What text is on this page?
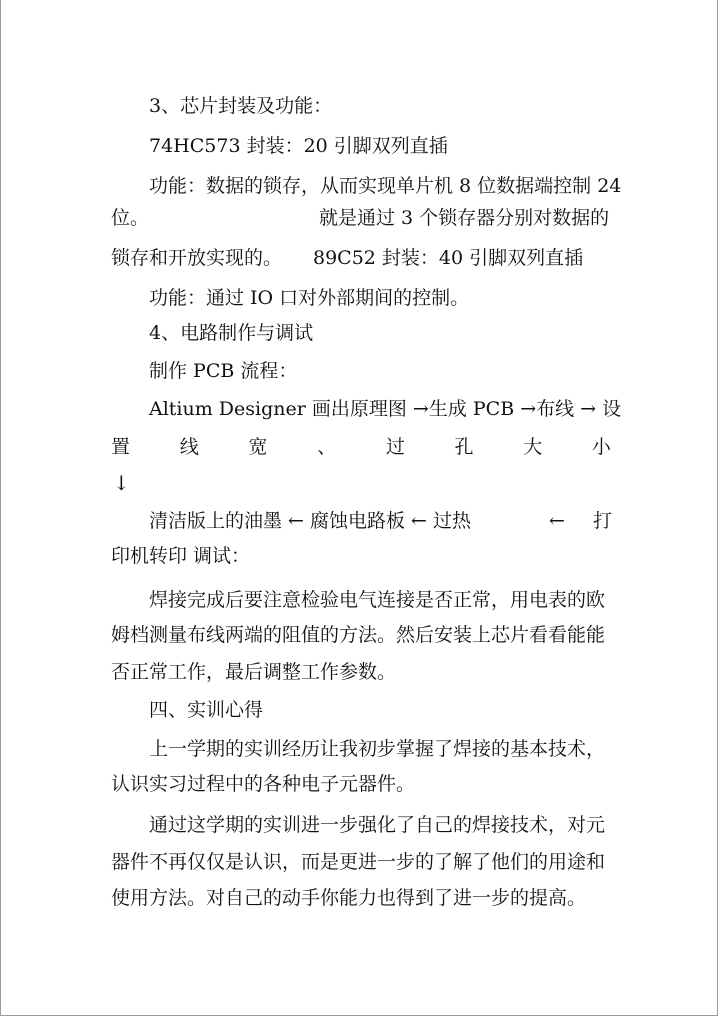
3、芯片封装及功能：
74HC573 封装：20 引脚双列直插
功能：数据的锁存，从而实现单片机 8 位数据端控制 24
位。	就是通过 3 个锁存器分别对数据的
锁存和开放实现的。 89C52 封装：40 引脚双列直插
功能：通过 IO 口对外部期间的控制。
4、电路制作与调试
制作 PCB 流程：
Altium Designer 画出原理图 →生成 PCB →布线 → 设
置	线	宽	、	过	孔	大	小
↓
清洁版上的油墨 ← 腐蚀电路板 ← 过热	← 打
印机转印 调试：
焊接完成后要注意检验电气连接是否正常，用电表的欧
姆档测量布线两端的阻值的方法。然后安装上芯片看看能能
否正常工作，最后调整工作参数。
四、实训心得
上一学期的实训经历让我初步掌握了焊接的基本技术，
认识实习过程中的各种电子元器件。
通过这学期的实训进一步强化了自己的焊接技术，对元
器件不再仅仅是认识，而是更进一步的了解了他们的用途和
使用方法。对自己的动手你能力也得到了进一步的提高。
